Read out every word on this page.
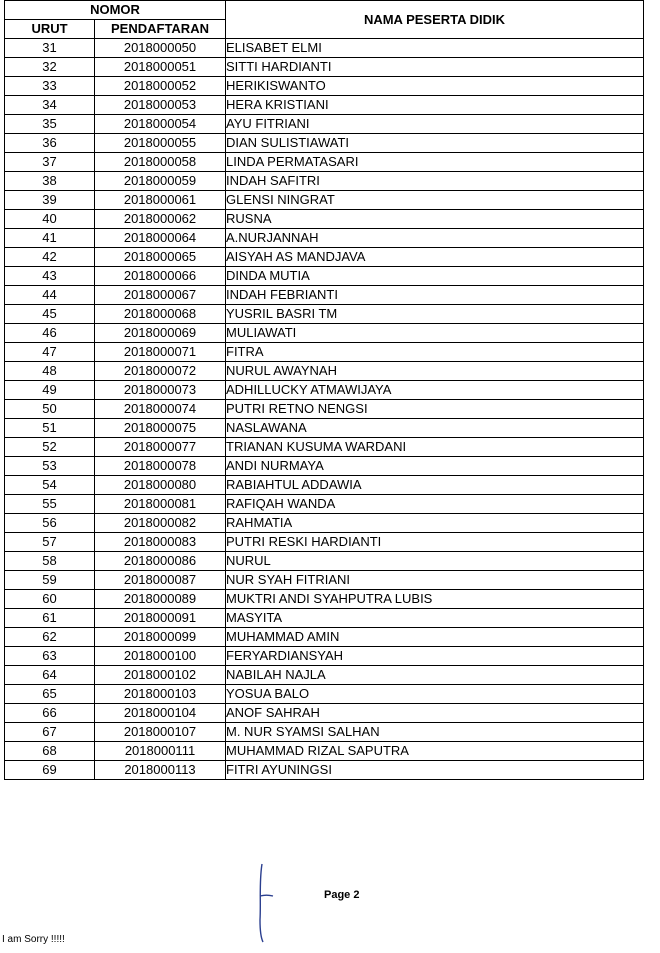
NOMOR		NAMA PESERTA DIDIK
URUT	PENDAFTARAN	
31	2018000050	ELISABET ELMI
32	2018000051	SITTI HARDIANTI
33	2018000052	HERIKISWANTO
34	2018000053	HERA KRISTIANI
35	2018000054	AYU FITRIANI
36	2018000055	DIAN SULISTIAWATI
37	2018000058	LINDA PERMATASARI
38	2018000059	INDAH SAFITRI
39	2018000061	GLENSI NINGRAT
40	2018000062	RUSNA
41	2018000064	A.NURJANNAH
42	2018000065	AISYAH AS MANDJAVA
43	2018000066	DINDA MUTIA
44	2018000067	INDAH FEBRIANTI
45	2018000068	YUSRIL BASRI TM
46	2018000069	MULIAWATI
47	2018000071	FITRA
48	2018000072	NURUL AWAYNAH
49	2018000073	ADHILLUCKY ATMAWIJAYA
50	2018000074	PUTRI RETNO NENGSI
51	2018000075	NASLAWANA
52	2018000077	TRIANAN KUSUMA WARDANI
53	2018000078	ANDI NURMAYA
54	2018000080	RABIAHTUL ADDAWIA
55	2018000081	RAFIQAH WANDA
56	2018000082	RAHMATIA
57	2018000083	PUTRI RESKI HARDIANTI
58	2018000086	NURUL
59	2018000087	NUR SYAH FITRIANI
60	2018000089	MUKTRI ANDI SYAHPUTRA LUBIS
61	2018000091	MASYITA
62	2018000099	MUHAMMAD AMIN
63	2018000100	FERYARDIANSYAH
64	2018000102	NABILAH NAJLA
65	2018000103	YOSUA BALO
66	2018000104	ANOF SAHRAH
67	2018000107	M. NUR SYAMSI SALHAN
68	2018000111	MUHAMMAD RIZAL SAPUTRA
69	2018000113	FITRI AYUNINGSI
Page 2
I am Sorry !!!!!
